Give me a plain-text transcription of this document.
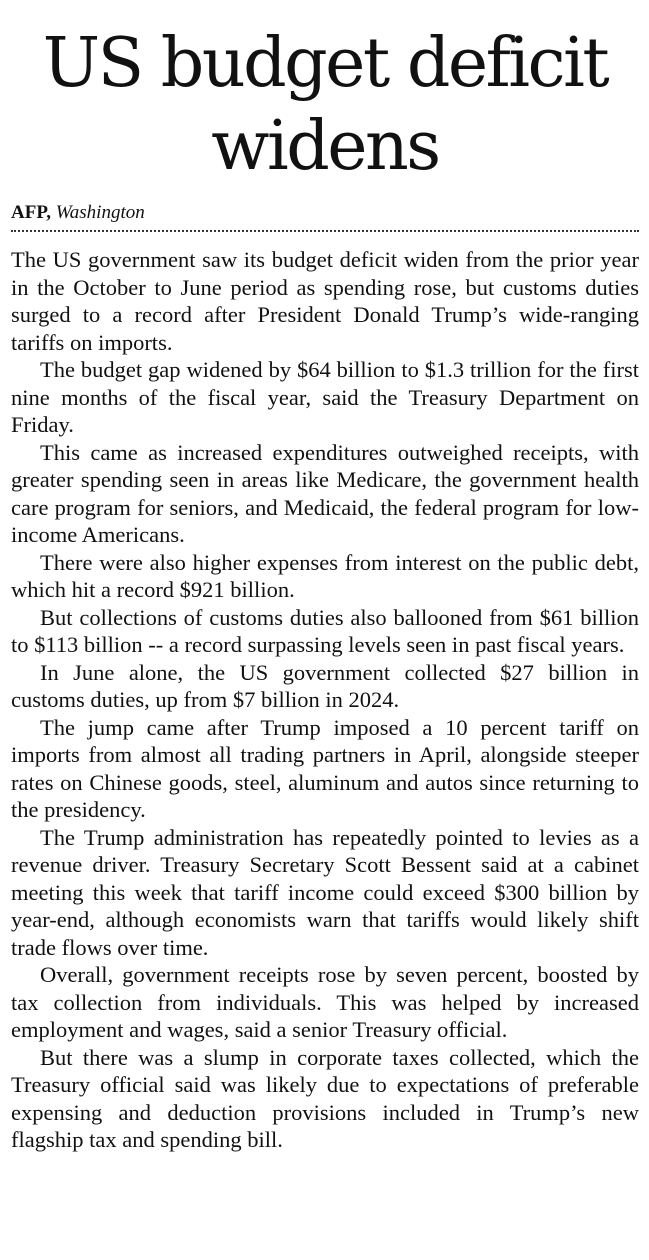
US budget deficit widens
AFP, Washington

The US government saw its budget deficit widen from the prior year in the October to June period as spending rose, but customs duties surged to a record after President Donald Trump’s wide-ranging tariffs on imports.

The budget gap widened by $64 billion to $1.3 trillion for the first nine months of the fiscal year, said the Treasury Department on Friday.

This came as increased expenditures outweighed receipts, with greater spending seen in areas like Medicare, the government health care program for seniors, and Medicaid, the federal program for low-income Americans.

There were also higher expenses from interest on the public debt, which hit a record $921 billion.

But collections of customs duties also ballooned from $61 billion to $113 billion -- a record surpassing levels seen in past fiscal years.

In June alone, the US government collected $27 billion in customs duties, up from $7 billion in 2024.

The jump came after Trump imposed a 10 percent tariff on imports from almost all trading partners in April, alongside steeper rates on Chinese goods, steel, aluminum and autos since returning to the presidency.

The Trump administration has repeatedly pointed to levies as a revenue driver. Treasury Secretary Scott Bessent said at a cabinet meeting this week that tariff income could exceed $300 billion by year-end, although economists warn that tariffs would likely shift trade flows over time.

Overall, government receipts rose by seven percent, boosted by tax collection from individuals. This was helped by increased employment and wages, said a senior Treasury official.

But there was a slump in corporate taxes collected, which the Treasury official said was likely due to expectations of preferable expensing and deduction provisions included in Trump’s new flagship tax and spending bill.
